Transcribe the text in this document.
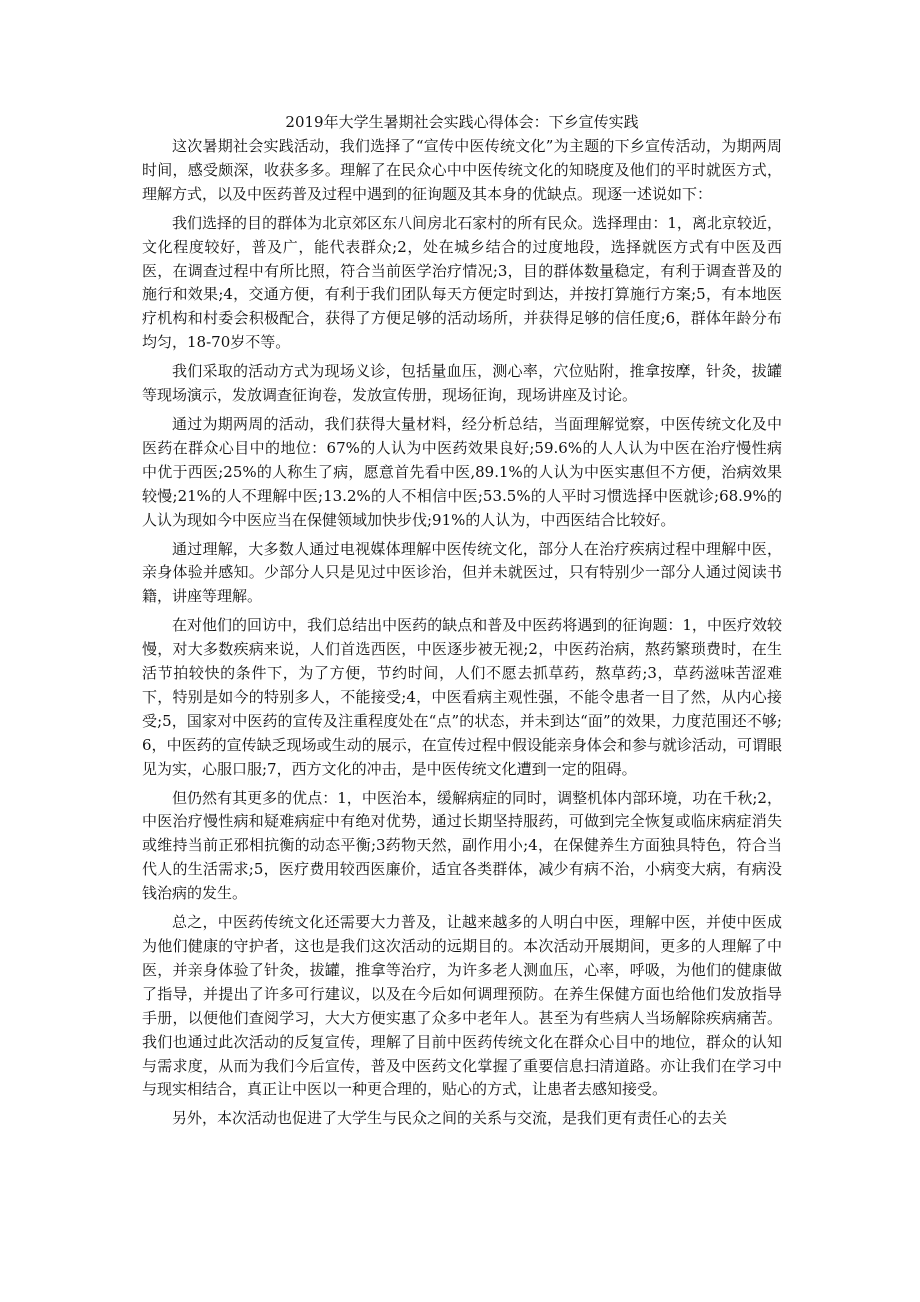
2019年大学生暑期社会实践心得体会：下乡宣传实践

这次暑期社会实践活动，我们选择了“宣传中医传统文化”为主题的下乡宣传活动，为期两周时间，感受颇深，收获多多。理解了在民众心中中医传统文化的知晓度及他们的平时就医方式，理解方式，以及中医药普及过程中遇到的征询题及其本身的优缺点。现逐一述说如下：

我们选择的目的群体为北京郊区东八间房北石家村的所有民众。选择理由：1，离北京较近，文化程度较好，普及广，能代表群众;2，处在城乡结合的过度地段，选择就医方式有中医及西医，在调查过程中有所比照，符合当前医学治疗情况;3，目的群体数量稳定，有利于调查普及的施行和效果;4，交通方便，有利于我们团队每天方便定时到达，并按打算施行方案;5，有本地医疗机构和村委会积极配合，获得了方便足够的活动场所，并获得足够的信任度;6，群体年龄分布均匀，18-70岁不等。

我们采取的活动方式为现场义诊，包括量血压，测心率，穴位贴附，推拿按摩，针灸，拔罐等现场演示，发放调查征询卷，发放宣传册，现场征询，现场讲座及讨论。

通过为期两周的活动，我们获得大量材料，经分析总结，当面理解觉察，中医传统文化及中医药在群众心目中的地位：67%的人认为中医药效果良好;59.6%的人人认为中医在治疗慢性病中优于西医;25%的人称生了病，愿意首先看中医,89.1%的人认为中医实惠但不方便，治病效果较慢;21%的人不理解中医;13.2%的人不相信中医;53.5%的人平时习惯选择中医就诊;68.9%的人认为现如今中医应当在保健领域加快步伐;91%的人认为，中西医结合比较好。

通过理解，大多数人通过电视媒体理解中医传统文化，部分人在治疗疾病过程中理解中医，亲身体验并感知。少部分人只是见过中医诊治，但并未就医过，只有特别少一部分人通过阅读书籍，讲座等理解。

在对他们的回访中，我们总结出中医药的缺点和普及中医药将遇到的征询题：1，中医疗效较慢，对大多数疾病来说，人们首选西医，中医逐步被无视;2，中医药治病，熬药繁琐费时，在生活节拍较快的条件下，为了方便，节约时间，人们不愿去抓草药，熬草药;3，草药滋味苦涩难下，特别是如今的特别多人，不能接受;4，中医看病主观性强，不能令患者一目了然，从内心接受;5，国家对中医药的宣传及注重程度处在“点”的状态，并未到达“面”的效果，力度范围还不够;6，中医药的宣传缺乏现场或生动的展示，在宣传过程中假设能亲身体会和参与就诊活动，可谓眼见为实，心服口服;7，西方文化的冲击，是中医传统文化遭到一定的阻碍。

但仍然有其更多的优点：1，中医治本，缓解病症的同时，调整机体内部环境，功在千秋;2，中医治疗慢性病和疑难病症中有绝对优势，通过长期坚持服药，可做到完全恢复或临床病症消失或维持当前正邪相抗衡的动态平衡;3药物天然，副作用小;4，在保健养生方面独具特色，符合当代人的生活需求;5，医疗费用较西医廉价，适宜各类群体，减少有病不治，小病变大病，有病没钱治病的发生。

总之，中医药传统文化还需要大力普及，让越来越多的人明白中医，理解中医，并使中医成为他们健康的守护者，这也是我们这次活动的远期目的。本次活动开展期间，更多的人理解了中医，并亲身体验了针灸，拔罐，推拿等治疗，为许多老人测血压，心率，呼吸，为他们的健康做了指导，并提出了许多可行建议，以及在今后如何调理预防。在养生保健方面也给他们发放指导手册，以便他们查阅学习，大大方便实惠了众多中老年人。甚至为有些病人当场解除疾病痛苦。我们也通过此次活动的反复宣传，理解了目前中医药传统文化在群众心目中的地位，群众的认知与需求度，从而为我们今后宣传，普及中医药文化掌握了重要信息扫清道路。亦让我们在学习中与现实相结合，真正让中医以一种更合理的，贴心的方式，让患者去感知接受。

另外，本次活动也促进了大学生与民众之间的关系与交流，是我们更有责任心的去关
